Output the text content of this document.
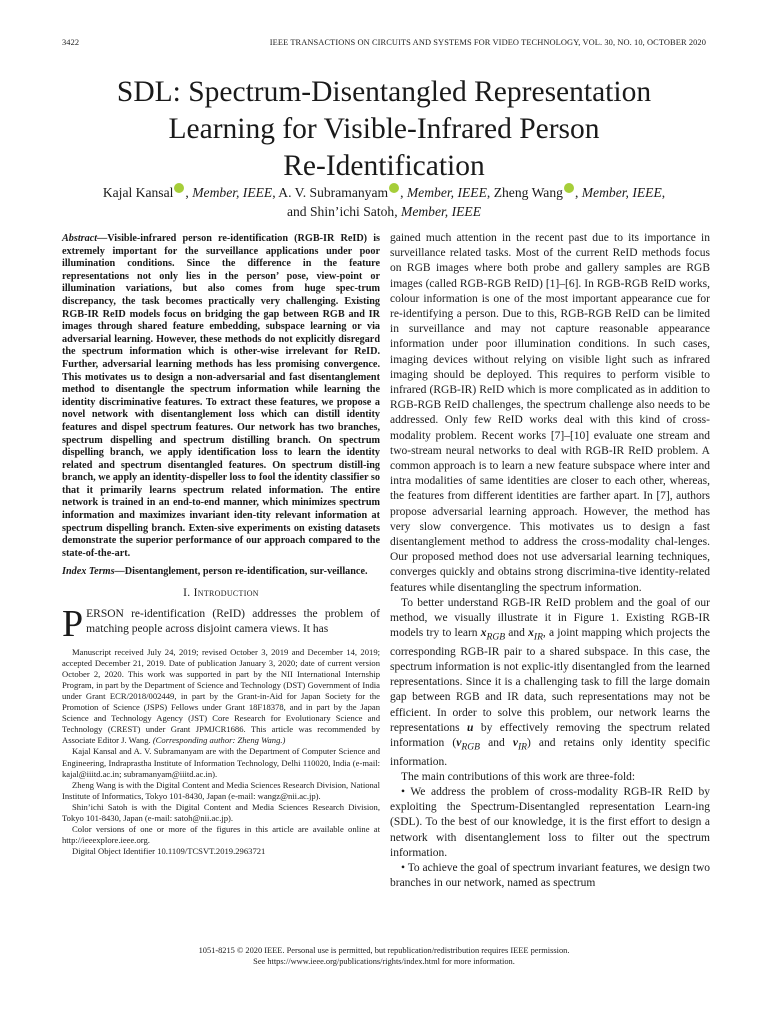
3422	IEEE TRANSACTIONS ON CIRCUITS AND SYSTEMS FOR VIDEO TECHNOLOGY, VOL. 30, NO. 10, OCTOBER 2020
SDL: Spectrum-Disentangled Representation
Learning for Visible-Infrared Person
Re-Identification
Kajal Kansal , Member, IEEE, A. V. Subramanyam , Member, IEEE, Zheng Wang , Member, IEEE,
and Shin’ichi Satoh, Member, IEEE
Abstract—Visible-infrared person re-identification (RGB-IR ReID) is extremely important for the surveillance applications under poor illumination conditions. Since the difference in the feature representations not only lies in the person’ pose, view-point or illumination variations, but also comes from huge spec-trum discrepancy, the task becomes practically very challenging. Existing RGB-IR ReID models focus on bridging the gap between RGB and IR images through shared feature embedding, subspace learning or via adversarial learning. However, these methods do not explicitly disregard the spectrum information which is other-wise irrelevant for ReID. Further, adversarial learning methods has less promising convergence. This motivates us to design a non-adversarial and fast disentanglement method to disentangle the spectrum information while learning the identity discriminative features. To extract these features, we propose a novel network with disentanglement loss which can distill identity features and dispel spectrum features. Our network has two branches, spectrum dispelling and spectrum distilling branch. On spectrum dispelling branch, we apply identification loss to learn the identity related and spectrum disentangled features. On spectrum distill-ing branch, we apply an identity-dispeller loss to fool the identity classifier so that it primarily learns spectrum related information. The entire network is trained in an end-to-end manner, which minimizes spectrum information and maximizes invariant iden-tity relevant information at spectrum dispelling branch. Exten-sive experiments on existing datasets demonstrate the superior performance of our approach compared to the state-of-the-art.
Index Terms—Disentanglement, person re-identification, sur-veillance.
I. Introduction
PERSON re-identification (ReID) addresses the problem of matching people across disjoint camera views. It has

Manuscript received July 24, 2019; revised October 3, 2019 and December 14, 2019; accepted December 21, 2019. Date of publication January 3, 2020; date of current version October 2, 2020. This work was supported in part by the NII International Internship Program, in part by the Department of Science and Technology (DST) Government of India under Grant ECR/2018/002449, in part by the Grant-in-Aid for Japan Society for the Promotion of Science (JSPS) Fellows under Grant 18F18378, and in part by the Japan Science and Technology Agency (JST) Core Research for Evolutionary Science and Technology (CREST) under Grant JPMJCR1686. This article was recommended by Associate Editor J. Wang. (Corresponding author: Zheng Wang.)

Kajal Kansal and A. V. Subramanyam are with the Department of Computer Science and Engineering, Indraprastha Institute of Information Technology, Delhi 110020, India (e-mail: kajal@iiitd.ac.in; subramanyam@iiitd.ac.in).

Zheng Wang is with the Digital Content and Media Sciences Research Division, National Institute of Informatics, Tokyo 101-8430, Japan (e-mail: wangz@nii.ac.jp).

Shin’ichi Satoh is with the Digital Content and Media Sciences Research Division, Tokyo 101-8430, Japan (e-mail: satoh@nii.ac.jp).

Color versions of one or more of the figures in this article are available online at http://ieeexplore.ieee.org.

Digital Object Identifier 10.1109/TCSVT.2019.2963721

gained much attention in the recent past due to its importance in surveillance related tasks. Most of the current ReID methods focus on RGB images where both probe and gallery samples are RGB images (called RGB-RGB ReID) [1]–[6]. In RGB-RGB ReID works, colour information is one of the most important appearance cue for re-identifying a person. Due to this, RGB-RGB ReID can be limited in surveillance and may not capture reasonable appearance information under poor illumination conditions. In such cases, imaging devices without relying on visible light such as infrared imaging should be deployed. This requires to perform visible to infrared (RGB-IR) ReID which is more complicated as in addition to RGB-RGB ReID challenges, the spectrum challenge also needs to be addressed. Only few ReID works deal with this kind of cross-modality problem. Recent works [7]–[10] evaluate one stream and two-stream neural networks to deal with RGB-IR ReID problem. A common approach is to learn a new feature subspace where inter and intra modalities of same identities are closer to each other, whereas, the features from different identities are farther apart. In [7], authors propose adversarial learning approach. However, the method has very slow convergence. This motivates us to design a fast disentanglement method to address the cross-modality chal-lenges. Our proposed method does not use adversarial learning techniques, converges quickly and obtains strong discrimina-tive identity-related features while disentangling the spectrum information.

To better understand RGB-IR ReID problem and the goal of our method, we visually illustrate it in Figure 1. Existing RGB-IR models try to learn $x_{RGB}$ and $x_{IR}$, a joint mapping which projects the corresponding RGB-IR pair to a shared subspace. In this case, the spectrum information is not explic-itly disentangled from the learned representations. Since it is a challenging task to fill the large domain gap between RGB and IR data, such representations may not be efficient. In order to solve this problem, our network learns the representations u by effectively removing the spectrum related information ($v_{RGB}$ and $v_{IR}$) and retains only identity specific information.

The main contributions of this work are three-fold:

• We address the problem of cross-modality RGB-IR ReID by exploiting the Spectrum-Disentangled representation Learn-ing (SDL). To the best of our knowledge, it is the first effort to design a network with disentanglement loss to filter out the spectrum information.

• To achieve the goal of spectrum invariant features, we design two branches in our network, named as spectrum

1051-8215 © 2020 IEEE. Personal use is permitted, but republication/redistribution requires IEEE permission.
See https://www.ieee.org/publications/rights/index.html for more information.
